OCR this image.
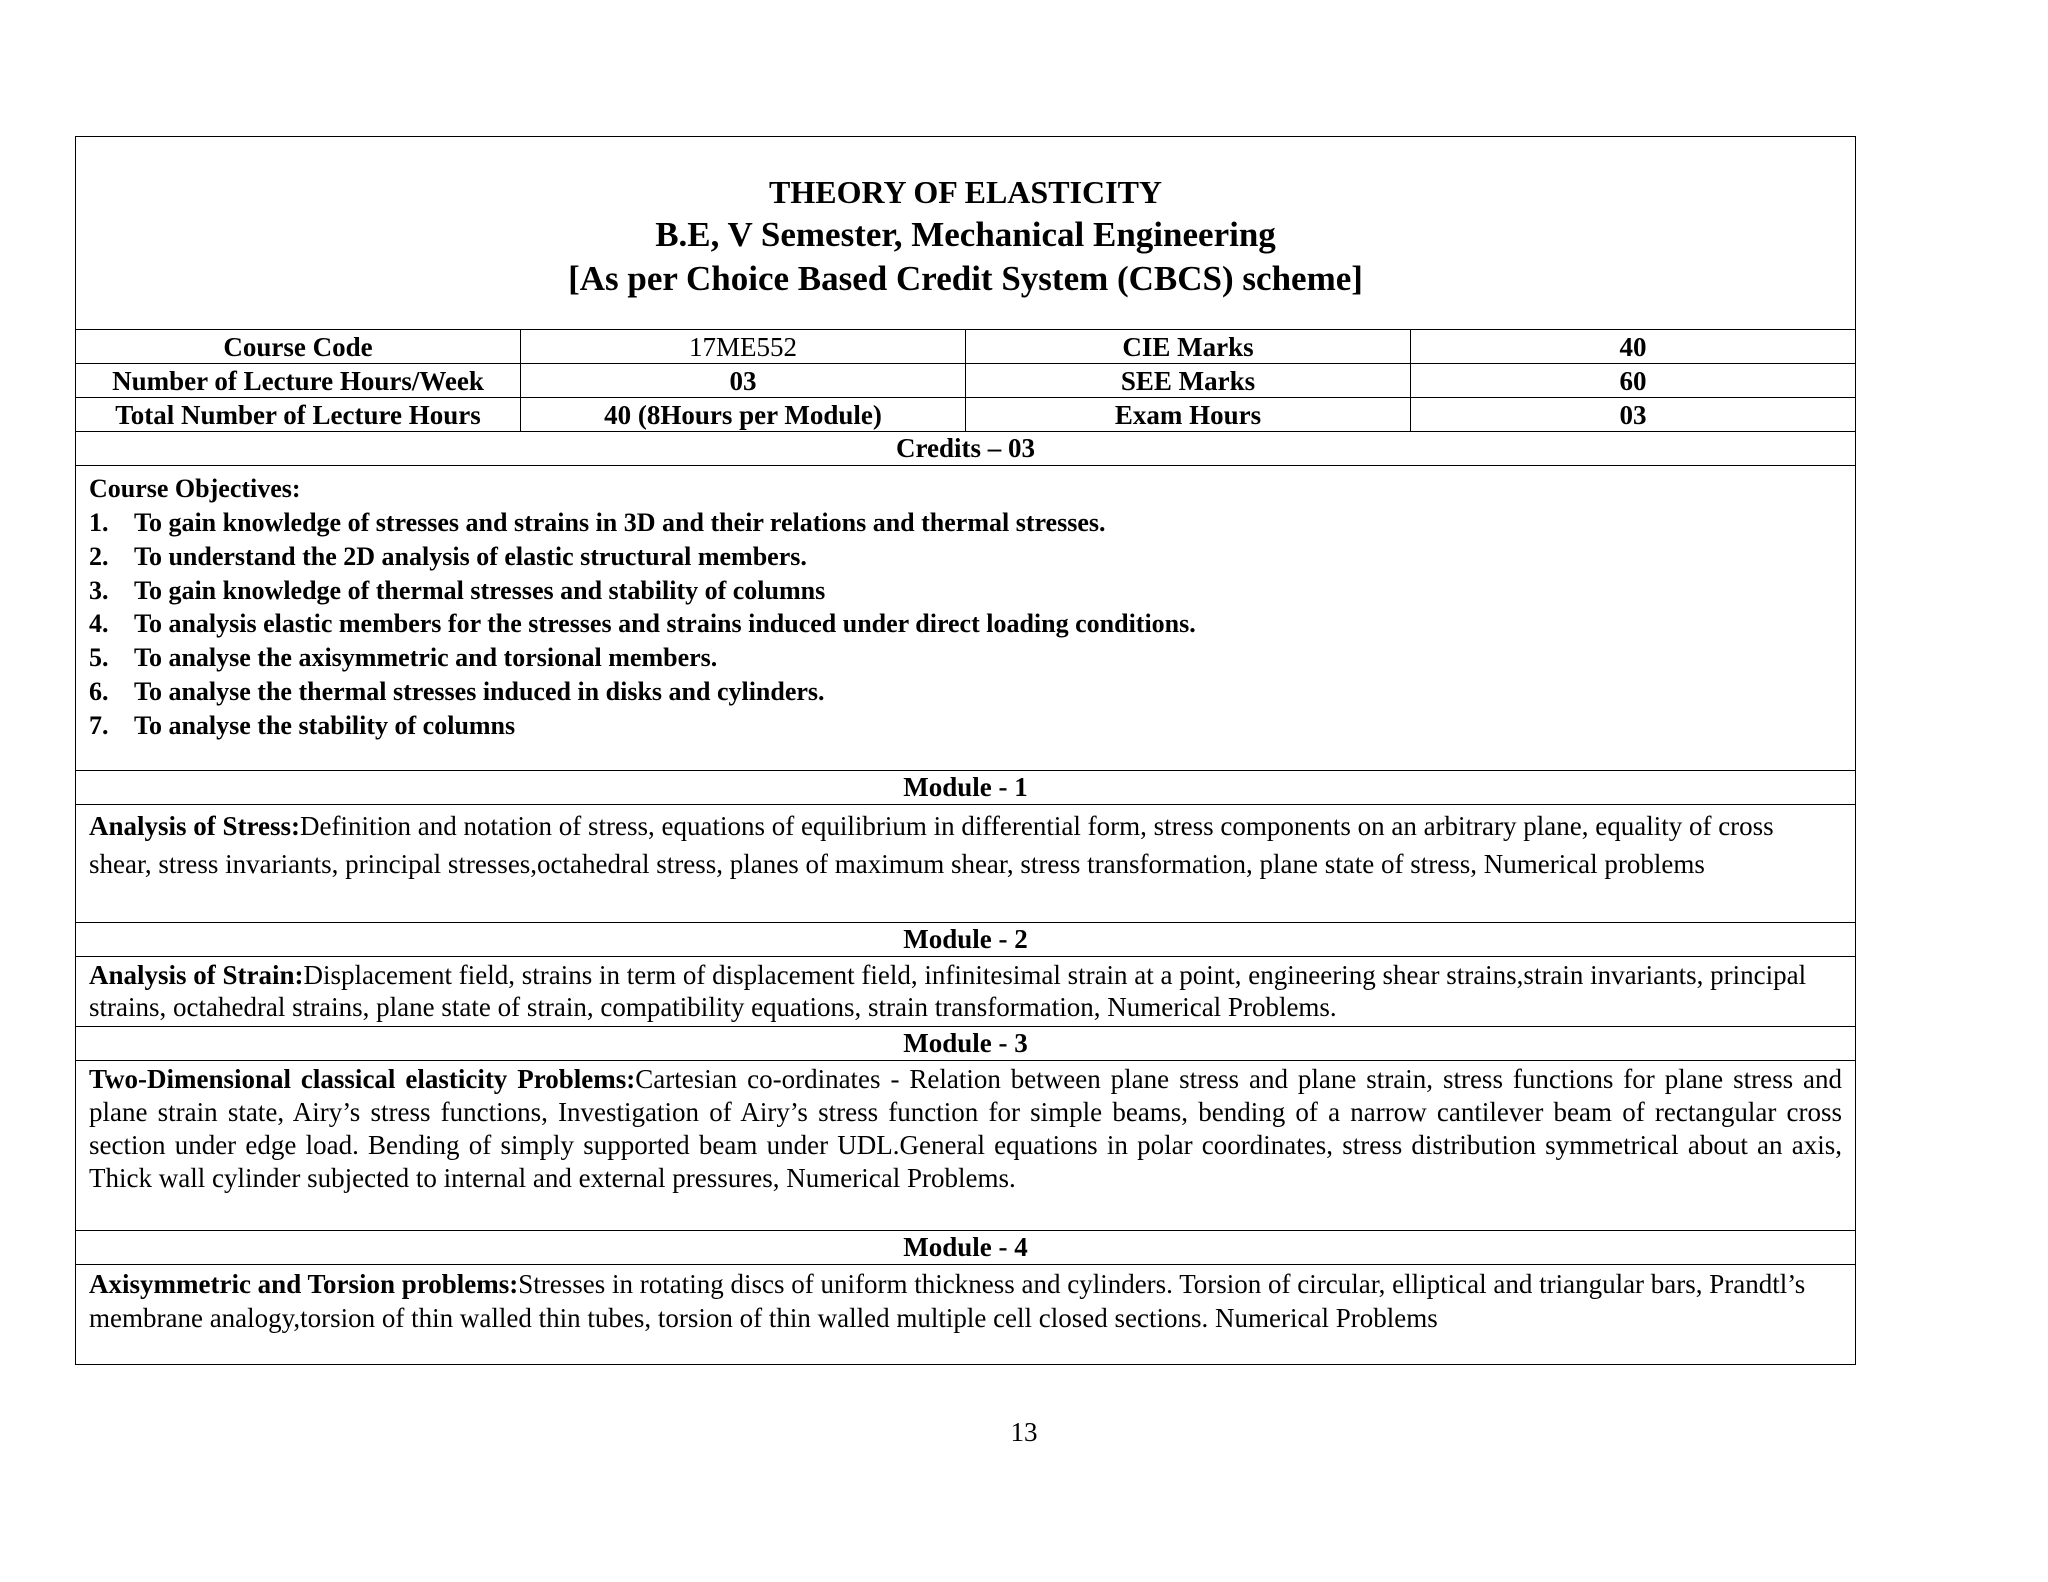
THEORY OF ELASTICITY
B.E, V Semester, Mechanical Engineering
[As per Choice Based Credit System (CBCS) scheme]
Course Code	17ME552	CIE Marks	40
Number of Lecture Hours/Week	03	SEE Marks	60
Total Number of Lecture Hours	40 (8Hours per Module)	Exam Hours	03
Credits – 03
Course Objectives:
1. To gain knowledge of stresses and strains in 3D and their relations and thermal stresses.
2. To understand the 2D analysis of elastic structural members.
3. To gain knowledge of thermal stresses and stability of columns
4. To analysis elastic members for the stresses and strains induced under direct loading conditions.
5. To analyse the axisymmetric and torsional members.
6. To analyse the thermal stresses induced in disks and cylinders.
7. To analyse the stability of columns
Module - 1
Analysis of Stress:Definition and notation of stress, equations of equilibrium in differential form, stress components on an arbitrary plane, equality of cross shear, stress invariants, principal stresses,octahedral stress, planes of maximum shear, stress transformation, plane state of stress, Numerical problems
Module - 2
Analysis of Strain:Displacement field, strains in term of displacement field, infinitesimal strain at a point, engineering shear strains,strain invariants, principal strains, octahedral strains, plane state of strain, compatibility equations, strain transformation, Numerical Problems.
Module - 3
Two-Dimensional classical elasticity Problems:Cartesian co-ordinates - Relation between plane stress and plane strain, stress functions for plane stress and plane strain state, Airy’s stress functions, Investigation of Airy’s stress function for simple beams, bending of a narrow cantilever beam of rectangular cross section under edge load. Bending of simply supported beam under UDL.General equations in polar coordinates, stress distribution symmetrical about an axis, Thick wall cylinder subjected to internal and external pressures, Numerical Problems.
Module - 4
Axisymmetric and Torsion problems:Stresses in rotating discs of uniform thickness and cylinders. Torsion of circular, elliptical and triangular bars, Prandtl’s membrane analogy,torsion of thin walled thin tubes, torsion of thin walled multiple cell closed sections. Numerical Problems
13
